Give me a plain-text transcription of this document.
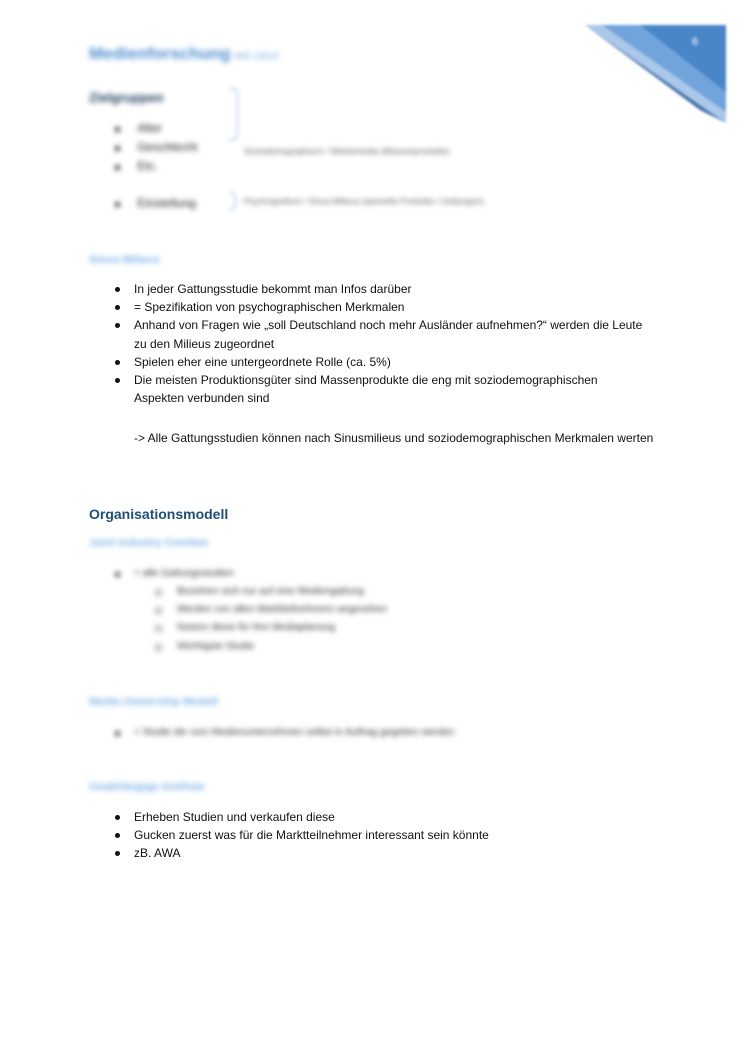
6
Medienforschung WS 13/14
Zielgruppen
Alter
Geschlecht
Etc.
Soziodemographisch / Werbemedia (Massenprodukte)
Einstellung	Psychografisch / Sinus-Milieus (spezielle Produkte / Gattungen)
Sinus-Milieus
In jeder Gattungsstudie bekommt man Infos darüber
= Spezifikation von psychographischen Merkmalen
Anhand von Fragen wie „soll Deutschland noch mehr Ausländer aufnehmen?“ werden die Leute zu den Milieus zugeordnet
Spielen eher eine untergeordnete Rolle (ca. 5%)
Die meisten Produktionsgüter sind Massenprodukte die eng mit soziodemographischen Aspekten verbunden sind
-> Alle Gattungsstudien können nach Sinusmilieus und soziodemographischen Merkmalen werten
Organisationsmodell
Joint Industry Comitee
= alle Gattungsstudien
Beziehen sich nur auf eine Mediengattung
Werden von allen Marktteilnehmern angesehen
Nutzen diese für ihre Mediaplanung
Wichtigste Studie
Media Ownership Modell
= Studie die vom Medienunternehmen selbst in Auftrag gegeben werden
Unabhängige Institute
Erheben Studien und verkaufen diese
Gucken zuerst was für die Marktteilnehmer interessant sein könnte
zB. AWA
